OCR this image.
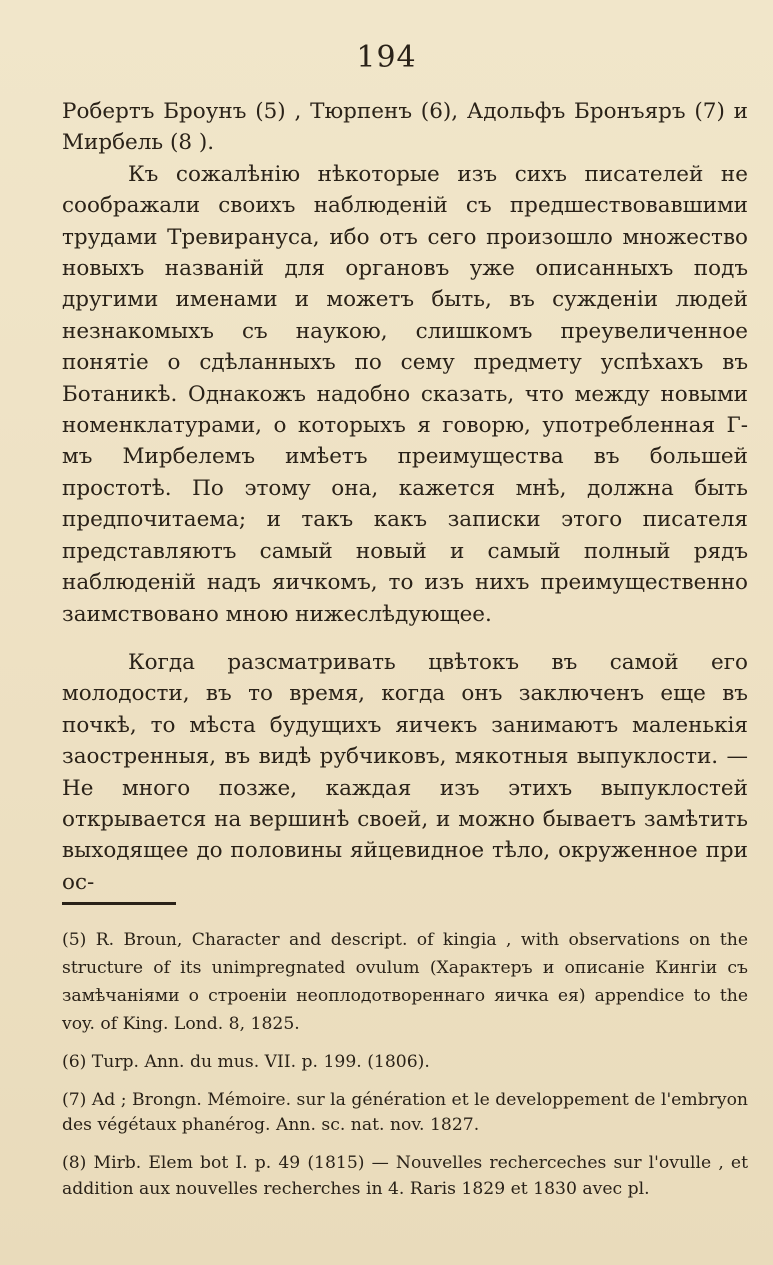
194

Робертъ Броунъ (5) , Тюрпенъ (6), Адольфъ Бронъяръ (7) и Мирбель (8 ).

Къ сожалѣнію нѣкоторые изъ сихъ писателей не соображали своихъ наблюденій съ предшествовавшими трудами Тревирануса, ибо отъ сего произошло множество новыхъ названій для органовъ уже описанныхъ подъ другими именами и можетъ быть, въ сужденіи людей незнакомыхъ съ наукою, слишкомъ преувеличенное понятіе о сдѣланныхъ по сему предмету успѣхахъ въ Ботаникѣ. Однакожъ надобно сказать, что между новыми номенклатурами, о которыхъ я говорю, употребленная Г-мъ Мирбелемъ имѣетъ преимущества въ большей простотѣ. По этому она, кажется мнѣ, должна быть предпочитаема; и такъ какъ записки этого писателя представляютъ самый новый и самый полный рядъ наблюденій надъ яичкомъ, то изъ нихъ преимущественно заимствовано мною нижеслѣдующее.

Когда разсматривать цвѣтокъ въ самой его молодости, въ то время, когда онъ заключенъ еще въ почкѣ, то мѣста будущихъ яичекъ занимаютъ маленькія заостренныя, въ видѣ рубчиковъ, мякотныя выпуклости. — Не много позже, каждая изъ этихъ выпуклостей открывается на вершинѣ своей, и можно бываетъ замѣтить выходящее до половины яйцевидное тѣло, окруженное при ос-

(5) R. Broun, Character and descript. of kingia , with observations on the structure of its unimpregnated ovulum (Характеръ и описаніе Кингіи съ замѣчаніями о строеніи неоплодотвореннаго яичка ея) appendice to the voy. of King. Lond. 8, 1825.

(6) Turp. Ann. du mus. VII. p. 199. (1806).

(7) Ad ; Brongn. Mémoire. sur la génération et le developpement de l'embryon des végétaux phanérog. Ann. sc. nat. nov. 1827.

(8) Mirb. Elem bot I. p. 49 (1815) — Nouvelles recherceches sur l'ovulle , et addition aux nouvelles recherches in 4. Raris 1829 et 1830 avec pl.
